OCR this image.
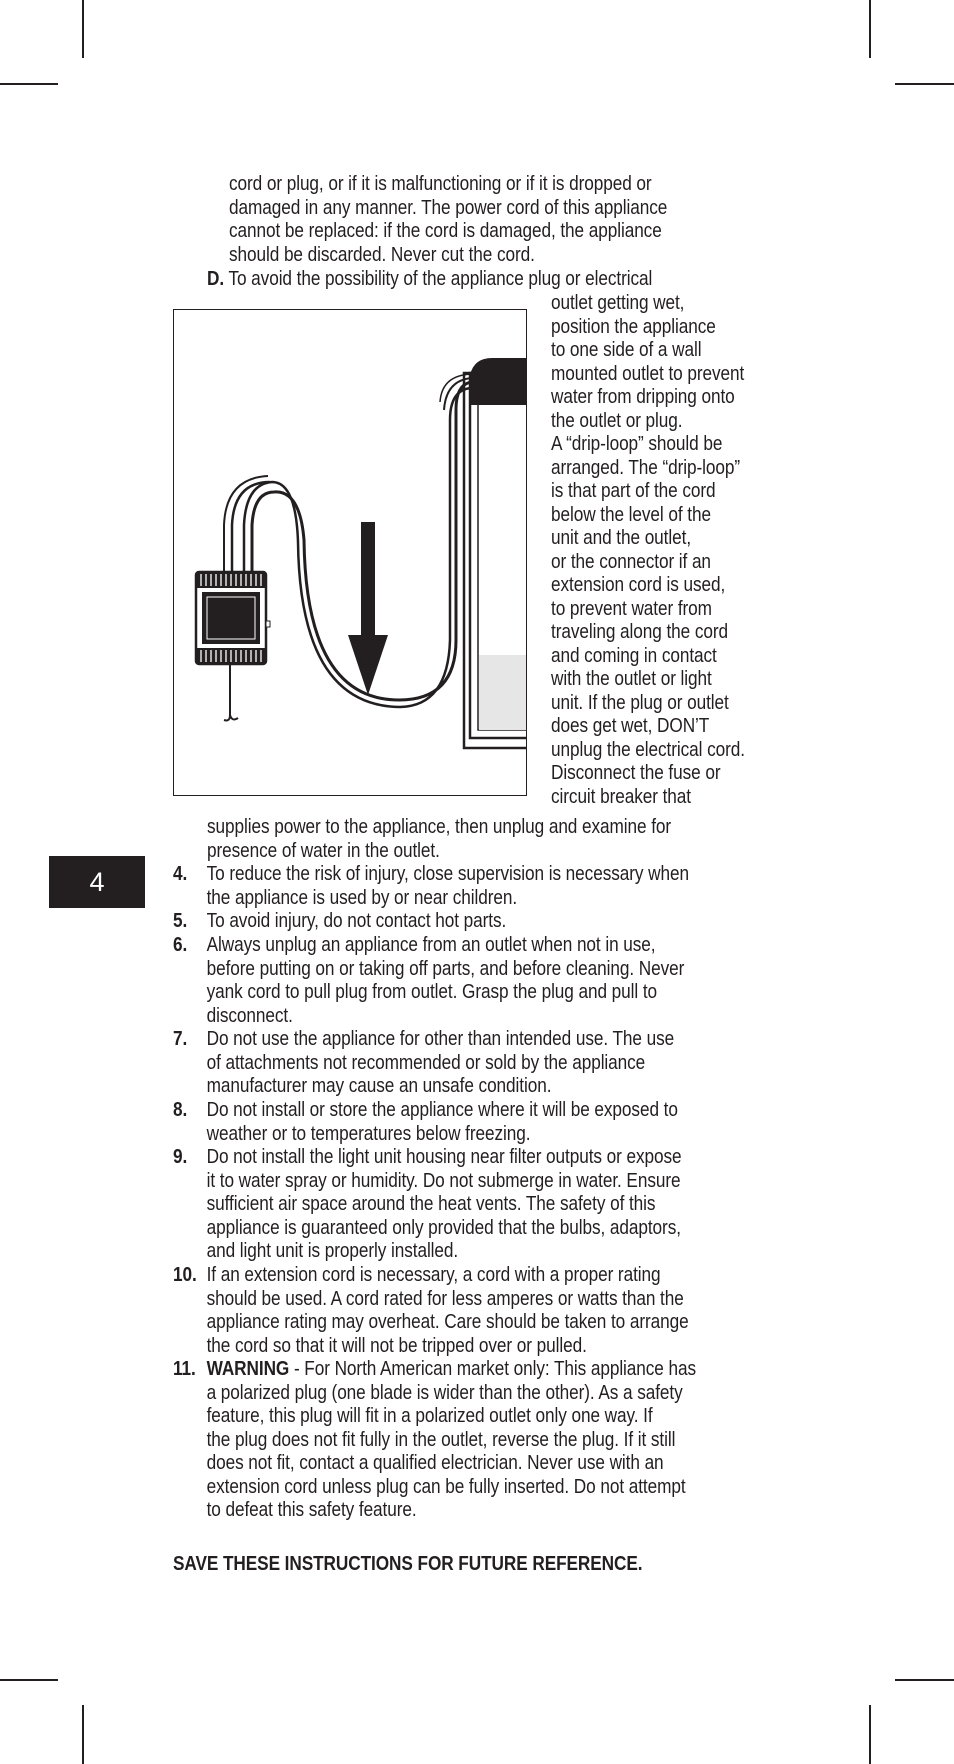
4
cord or plug, or if it is malfunctioning or if it is dropped or
damaged in any manner. The power cord of this appliance
cannot be replaced: if the cord is damaged, the appliance
should be discarded. Never cut the cord.
D. To avoid the possibility of the appliance plug or electrical
outlet getting wet,
position the appliance
to one side of a wall
mounted outlet to prevent
water from dripping onto
the outlet or plug.
A “drip-loop” should be
arranged. The “drip-loop”
is that part of the cord
below the level of the
unit and the outlet,
or the connector if an
extension cord is used,
to prevent water from
traveling along the cord
and coming in contact
with the outlet or light
unit. If the plug or outlet
does get wet, DON’T
unplug the electrical cord.
Disconnect the fuse or
circuit breaker that
supplies power to the appliance, then unplug and examine for
presence of water in the outlet.
4. To reduce the risk of injury, close supervision is necessary when
the appliance is used by or near children.
5. To avoid injury, do not contact hot parts.
6. Always unplug an appliance from an outlet when not in use,
before putting on or taking off parts, and before cleaning. Never
yank cord to pull plug from outlet. Grasp the plug and pull to
disconnect.
7. Do not use the appliance for other than intended use. The use
of attachments not recommended or sold by the appliance
manufacturer may cause an unsafe condition.
8. Do not install or store the appliance where it will be exposed to
weather or to temperatures below freezing.
9. Do not install the light unit housing near filter outputs or expose
it to water spray or humidity. Do not submerge in water. Ensure
sufficient air space around the heat vents. The safety of this
appliance is guaranteed only provided that the bulbs, adaptors,
and light unit is properly installed.
10. If an extension cord is necessary, a cord with a proper rating
should be used. A cord rated for less amperes or watts than the
appliance rating may overheat. Care should be taken to arrange
the cord so that it will not be tripped over or pulled.
11. WARNING - For North American market only: This appliance has
a polarized plug (one blade is wider than the other). As a safety
feature, this plug will fit in a polarized outlet only one way. If
the plug does not fit fully in the outlet, reverse the plug. If it still
does not fit, contact a qualified electrician. Never use with an
extension cord unless plug can be fully inserted. Do not attempt
to defeat this safety feature.
SAVE THESE INSTRUCTIONS FOR FUTURE REFERENCE.
